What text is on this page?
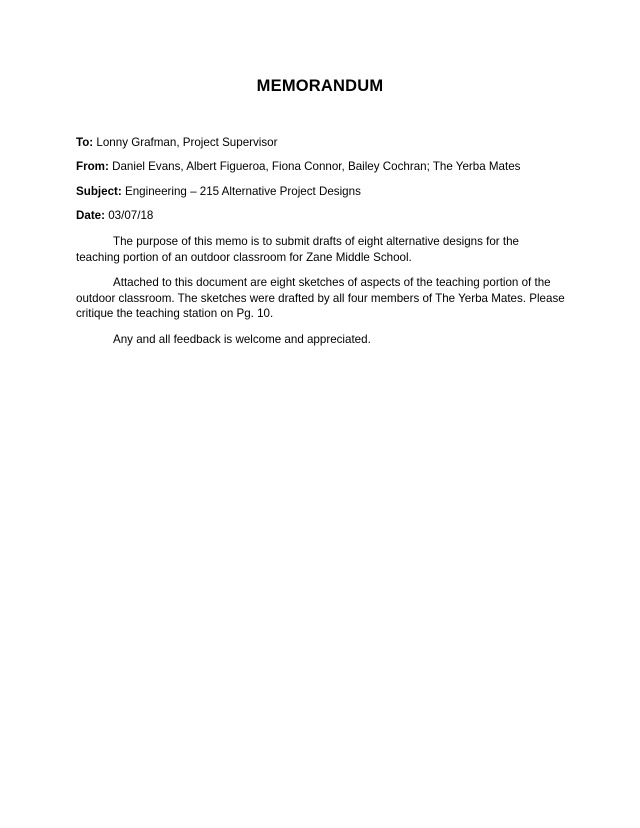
MEMORANDUM
To: Lonny Grafman, Project Supervisor
From: Daniel Evans, Albert Figueroa, Fiona Connor, Bailey Cochran; The Yerba Mates
Subject: Engineering – 215 Alternative Project Designs
Date: 03/07/18

The purpose of this memo is to submit drafts of eight alternative designs for the teaching portion of an outdoor classroom for Zane Middle School.

Attached to this document are eight sketches of aspects of the teaching portion of the outdoor classroom. The sketches were drafted by all four members of The Yerba Mates. Please critique the teaching station on Pg. 10.

Any and all feedback is welcome and appreciated.
